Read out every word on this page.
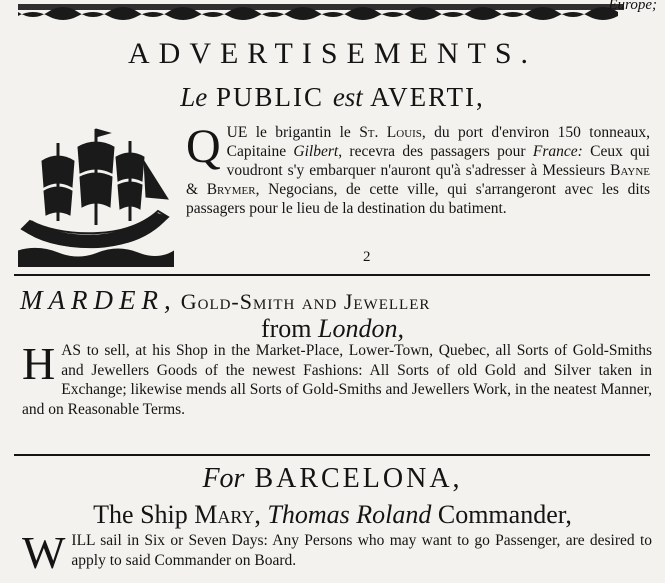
Europe;
ADVERTISEMENTS.
Le PUBLIC est AVERTI,
Q UE le brigantin le St. Louis, du port d'environ 150 tonneaux, Capitaine Gilbert, recevra des passagers pour France: Ceux qui voudront s'y embarquer n'auront qu'à s'adresser à Messieurs Bayne & Brymer, Negocians, de cette ville, qui s'arrangeront avec les dits passagers pour le lieu de la destination du batiment.
2
MARDER, Gold-Smith and Jeweller
from London,
H AS to sell, at his Shop in the Market-Place, Lower-Town, Quebec, all Sorts of Gold-Smiths and Jewellers Goods of the newest Fashions: All Sorts of old Gold and Silver taken in Exchange; likewise mends all Sorts of Gold-Smiths and Jewellers Work, in the neatest Manner, and on Reasonable Terms.
For BARCELONA,
The Ship Mary, Thomas Roland Commander,
W ILL sail in Six or Seven Days: Any Persons who may want to go Passenger, are desired to apply to said Commander on Board.
